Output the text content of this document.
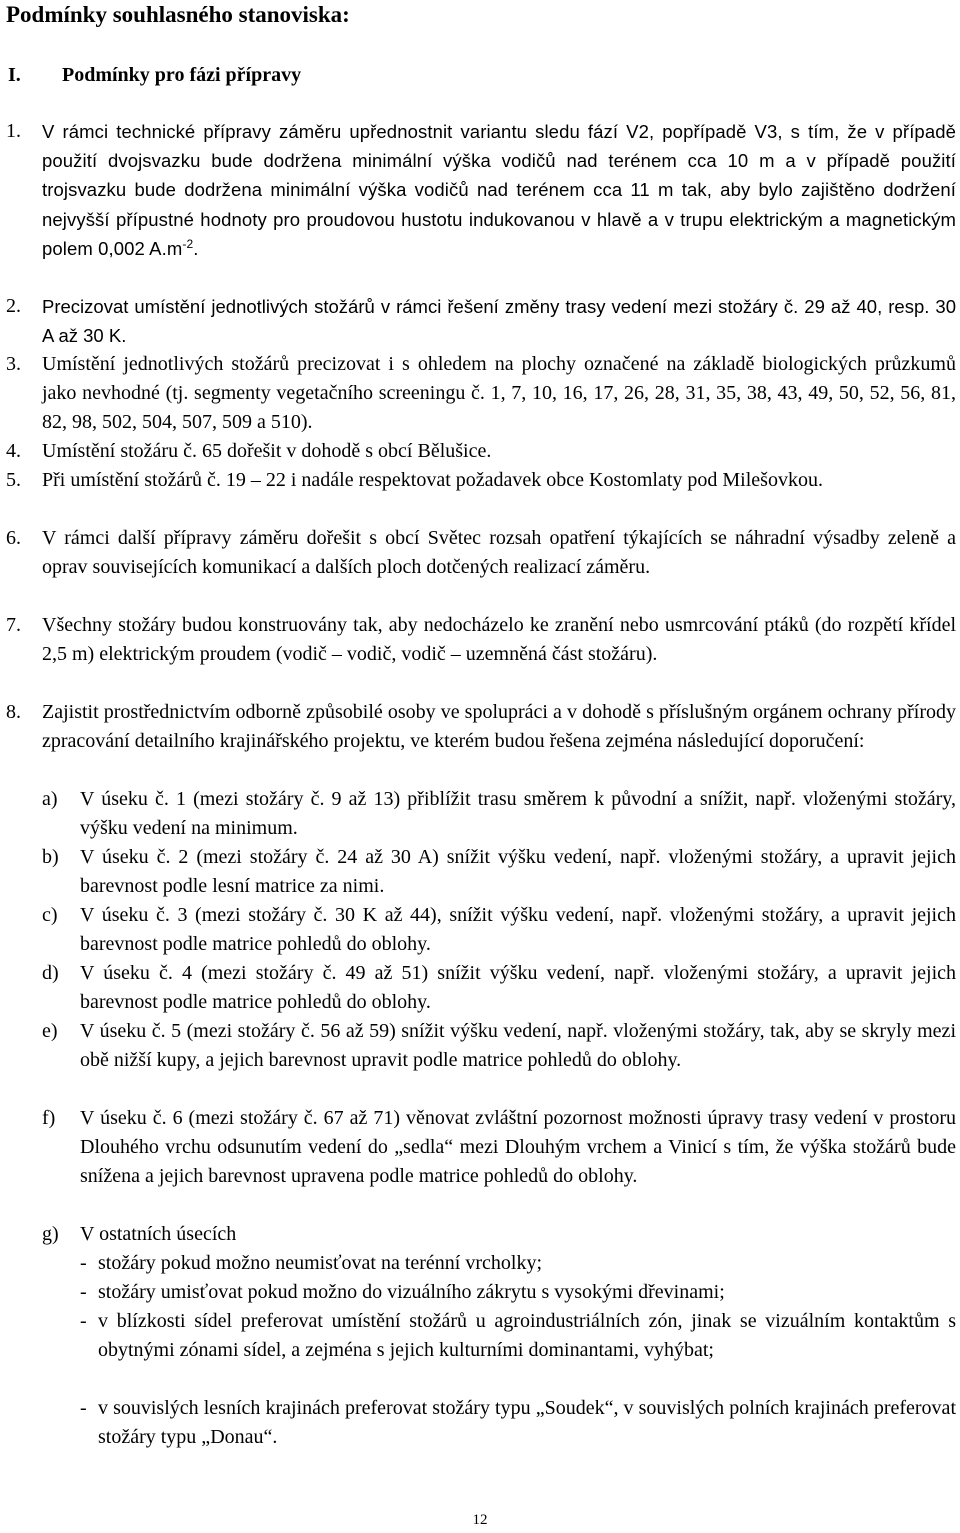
Podmínky souhlasného stanoviska:
I. Podmínky pro fázi přípravy
1. V rámci technické přípravy záměru upřednostnit variantu sledu fází V2, popřípadě V3, s tím, že v případě použití dvojsvazku bude dodržena minimální výška vodičů nad terénem cca 10 m a v případě použití trojsvazku bude dodržena minimální výška vodičů nad terénem cca 11 m tak, aby bylo zajištěno dodržení nejvyšší přípustné hodnoty pro proudovou hustotu indukovanou v hlavě a v trupu elektrickým a magnetickým polem 0,002 $A.m^{-2}$.
2. Precizovat umístění jednotlivých stožárů v rámci řešení změny trasy vedení mezi stožáry č. 29 až 40, resp. 30 A až 30 K.
3. Umístění jednotlivých stožárů precizovat i s ohledem na plochy označené na základě biologických průzkumů jako nevhodné (tj. segmenty vegetačního screeningu č. 1, 7, 10, 16, 17, 26, 28, 31, 35, 38, 43, 49, 50, 52, 56, 81, 82, 98, 502, 504, 507, 509 a 510).
4. Umístění stožáru č. 65 dořešit v dohodě s obcí Bělušice.
5. Při umístění stožárů č. 19 – 22 i nadále respektovat požadavek obce Kostomlaty pod Milešovkou.
6. V rámci další přípravy záměru dořešit s obcí Světec rozsah opatření týkajících se náhradní výsadby zeleně a oprav souvisejících komunikací a dalších ploch dotčených realizací záměru.
7. Všechny stožáry budou konstruovány tak, aby nedocházelo ke zranění nebo usmrcování ptáků (do rozpětí křídel 2,5 m) elektrickým proudem (vodič – vodič, vodič – uzemněná část stožáru).
8. Zajistit prostřednictvím odborně způsobilé osoby ve spolupráci a v dohodě s příslušným orgánem ochrany přírody zpracování detailního krajinářského projektu, ve kterém budou řešena zejména následující doporučení:
a) V úseku č. 1 (mezi stožáry č. 9 až 13) přiblížit trasu směrem k původní a snížit, např. vloženými stožáry, výšku vedení na minimum.
b) V úseku č. 2 (mezi stožáry č. 24 až 30 A) snížit výšku vedení, např. vloženými stožáry, a upravit jejich barevnost podle lesní matrice za nimi.
c) V úseku č. 3 (mezi stožáry č. 30 K až 44), snížit výšku vedení, např. vloženými stožáry, a upravit jejich barevnost podle matrice pohledů do oblohy.
d) V úseku č. 4 (mezi stožáry č. 49 až 51) snížit výšku vedení, např. vloženými stožáry, a upravit jejich barevnost podle matrice pohledů do oblohy.
e) V úseku č. 5 (mezi stožáry č. 56 až 59) snížit výšku vedení, např. vloženými stožáry, tak, aby se skryly mezi obě nižší kupy, a jejich barevnost upravit podle matrice pohledů do oblohy.
f) V úseku č. 6 (mezi stožáry č. 67 až 71) věnovat zvláštní pozornost možnosti úpravy trasy vedení v prostoru Dlouhého vrchu odsunutím vedení do „sedla“ mezi Dlouhým vrchem a Vinicí s tím, že výška stožárů bude snížena a jejich barevnost upravena podle matrice pohledů do oblohy.
g) V ostatních úsecích
- stožáry pokud možno neumisťovat na terénní vrcholky;
- stožáry umisťovat pokud možno do vizuálního zákrytu s vysokými dřevinami;
- v blízkosti sídel preferovat umístění stožárů u agroindustriálních zón, jinak se vizuálním kontaktům s obytnými zónami sídel, a zejména s jejich kulturními dominantami, vyhýbat;
- v souvislých lesních krajinách preferovat stožáry typu „Soudek“, v souvislých polních krajinách preferovat stožáry typu „Donau“.
12
